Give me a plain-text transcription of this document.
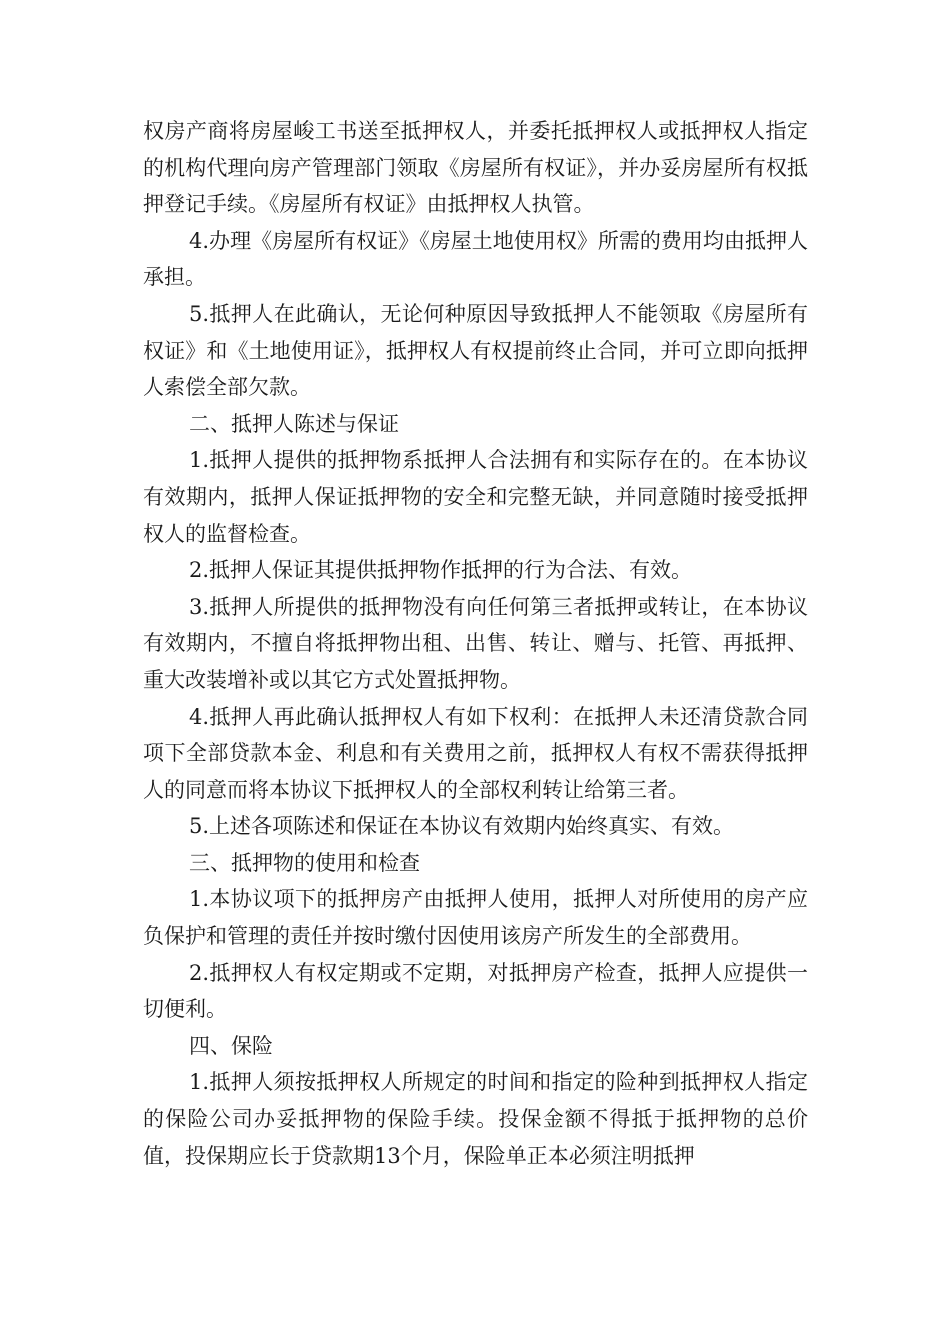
权房产商将房屋峻工书送至抵押权人，并委托抵押权人或抵押权人指定的机构代理向房产管理部门领取《房屋所有权证》，并办妥房屋所有权抵押登记手续。《房屋所有权证》由抵押权人执管。

4.办理《房屋所有权证》《房屋土地使用权》所需的费用均由抵押人承担。

5.抵押人在此确认，无论何种原因导致抵押人不能领取《房屋所有权证》和《土地使用证》，抵押权人有权提前终止合同，并可立即向抵押人索偿全部欠款。

二、抵押人陈述与保证

1.抵押人提供的抵押物系抵押人合法拥有和实际存在的。在本协议有效期内，抵押人保证抵押物的安全和完整无缺，并同意随时接受抵押权人的监督检查。

2.抵押人保证其提供抵押物作抵押的行为合法、有效。

3.抵押人所提供的抵押物没有向任何第三者抵押或转让，在本协议有效期内，不擅自将抵押物出租、出售、转让、赠与、托管、再抵押、重大改装增补或以其它方式处置抵押物。

4.抵押人再此确认抵押权人有如下权利：在抵押人未还清贷款合同项下全部贷款本金、利息和有关费用之前，抵押权人有权不需获得抵押人的同意而将本协议下抵押权人的全部权利转让给第三者。

5.上述各项陈述和保证在本协议有效期内始终真实、有效。

三、抵押物的使用和检查

1.本协议项下的抵押房产由抵押人使用，抵押人对所使用的房产应负保护和管理的责任并按时缴付因使用该房产所发生的全部费用。

2.抵押权人有权定期或不定期，对抵押房产检查，抵押人应提供一切便利。

四、保险

1.抵押人须按抵押权人所规定的时间和指定的险种到抵押权人指定的保险公司办妥抵押物的保险手续。投保金额不得抵于抵押物的总价值，投保期应长于贷款期13个月，保险单正本必须注明抵押
